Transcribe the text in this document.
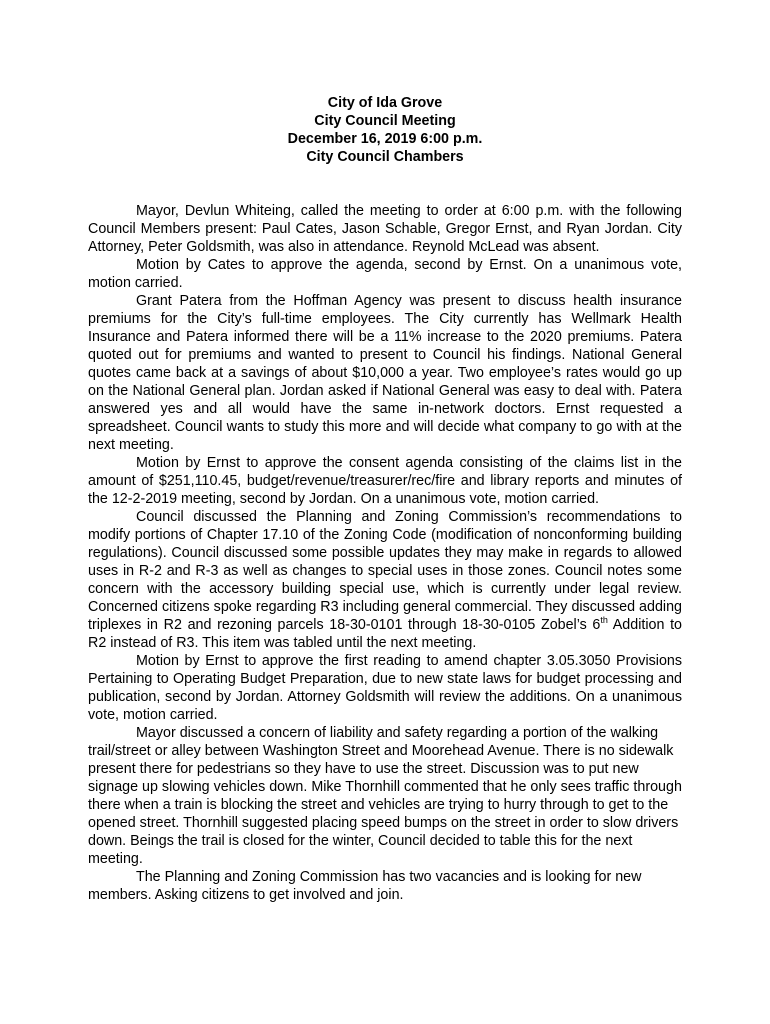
City of Ida Grove
City Council Meeting
December 16, 2019 6:00 p.m.
City Council Chambers

Mayor, Devlun Whiteing, called the meeting to order at 6:00 p.m. with the following Council Members present: Paul Cates, Jason Schable, Gregor Ernst, and Ryan Jordan. City Attorney, Peter Goldsmith, was also in attendance. Reynold McLead was absent.

Motion by Cates to approve the agenda, second by Ernst. On a unanimous vote, motion carried.

Grant Patera from the Hoffman Agency was present to discuss health insurance premiums for the City’s full-time employees. The City currently has Wellmark Health Insurance and Patera informed there will be a 11% increase to the 2020 premiums. Patera quoted out for premiums and wanted to present to Council his findings. National General quotes came back at a savings of about $10,000 a year. Two employee’s rates would go up on the National General plan. Jordan asked if National General was easy to deal with. Patera answered yes and all would have the same in-network doctors. Ernst requested a spreadsheet. Council wants to study this more and will decide what company to go with at the next meeting.

Motion by Ernst to approve the consent agenda consisting of the claims list in the amount of $251,110.45, budget/revenue/treasurer/rec/fire and library reports and minutes of the 12-2-2019 meeting, second by Jordan. On a unanimous vote, motion carried.

Council discussed the Planning and Zoning Commission’s recommendations to modify portions of Chapter 17.10 of the Zoning Code (modification of nonconforming building regulations). Council discussed some possible updates they may make in regards to allowed uses in R-2 and R-3 as well as changes to special uses in those zones. Council notes some concern with the accessory building special use, which is currently under legal review. Concerned citizens spoke regarding R3 including general commercial. They discussed adding triplexes in R2 and rezoning parcels 18-30-0101 through 18-30-0105 Zobel’s 6th Addition to R2 instead of R3. This item was tabled until the next meeting.

Motion by Ernst to approve the first reading to amend chapter 3.05.3050 Provisions Pertaining to Operating Budget Preparation, due to new state laws for budget processing and publication, second by Jordan. Attorney Goldsmith will review the additions. On a unanimous vote, motion carried.

Mayor discussed a concern of liability and safety regarding a portion of the walking trail/street or alley between Washington Street and Moorehead Avenue. There is no sidewalk present there for pedestrians so they have to use the street. Discussion was to put new signage up slowing vehicles down. Mike Thornhill commented that he only sees traffic through there when a train is blocking the street and vehicles are trying to hurry through to get to the opened street. Thornhill suggested placing speed bumps on the street in order to slow drivers down. Beings the trail is closed for the winter, Council decided to table this for the next meeting.

The Planning and Zoning Commission has two vacancies and is looking for new members. Asking citizens to get involved and join.
